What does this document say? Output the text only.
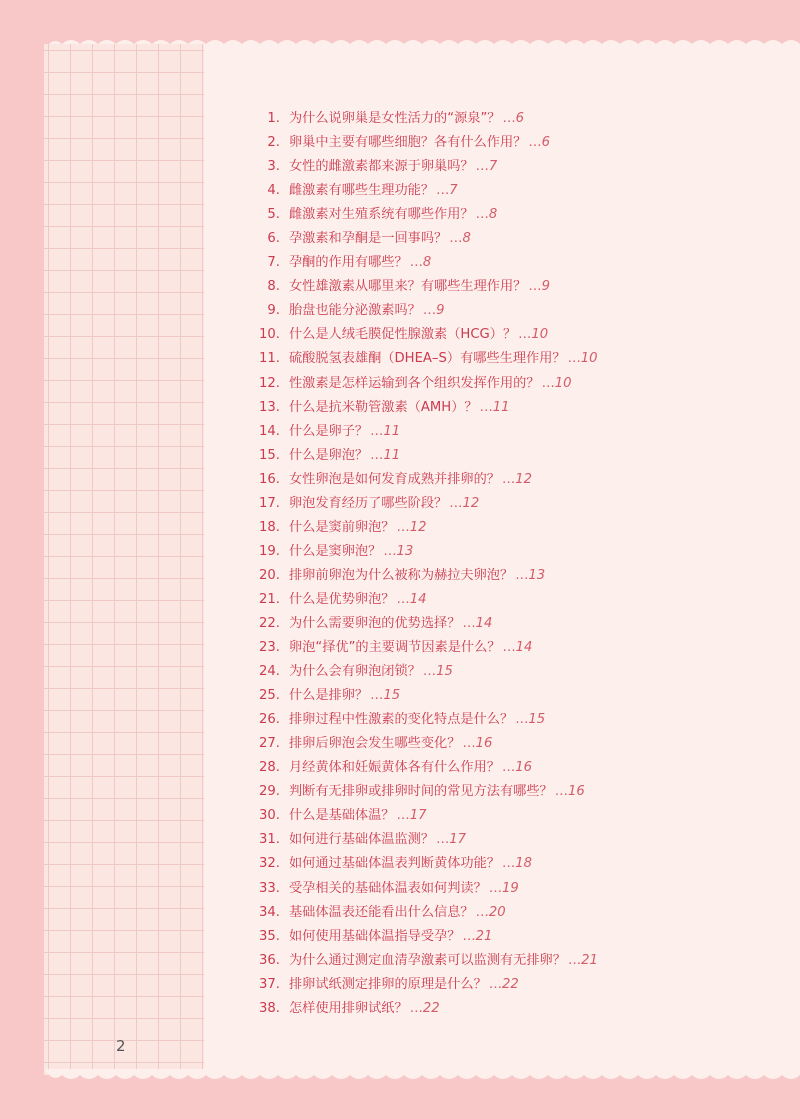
1. 为什么说卵巢是女性活力的“源泉”？ …6
2. 卵巢中主要有哪些细胞？各有什么作用？ …6
3. 女性的雌激素都来源于卵巢吗？ …7
4. 雌激素有哪些生理功能？ …7
5. 雌激素对生殖系统有哪些作用？ …8
6. 孕激素和孕酮是一回事吗？ …8
7. 孕酮的作用有哪些？ …8
8. 女性雄激素从哪里来？有哪些生理作用？ …9
9. 胎盘也能分泌激素吗？ …9
10. 什么是人绒毛膜促性腺激素（HCG）？ …10
11. 硫酸脱氢表雄酮（DHEA–S）有哪些生理作用？ …10
12. 性激素是怎样运输到各个组织发挥作用的？ …10
13. 什么是抗米勒管激素（AMH）？ …11
14. 什么是卵子？ …11
15. 什么是卵泡？ …11
16. 女性卵泡是如何发育成熟并排卵的？ …12
17. 卵泡发育经历了哪些阶段？ …12
18. 什么是窦前卵泡？ …12
19. 什么是窦卵泡？ …13
20. 排卵前卵泡为什么被称为赫拉夫卵泡？ …13
21. 什么是优势卵泡？ …14
22. 为什么需要卵泡的优势选择？ …14
23. 卵泡“择优”的主要调节因素是什么？ …14
24. 为什么会有卵泡闭锁？ …15
25. 什么是排卵？ …15
26. 排卵过程中性激素的变化特点是什么？ …15
27. 排卵后卵泡会发生哪些变化？ …16
28. 月经黄体和妊娠黄体各有什么作用？ …16
29. 判断有无排卵或排卵时间的常见方法有哪些？ …16
30. 什么是基础体温？ …17
31. 如何进行基础体温监测？ …17
32. 如何通过基础体温表判断黄体功能？ …18
33. 受孕相关的基础体温表如何判读？ …19
34. 基础体温表还能看出什么信息？ …20
35. 如何使用基础体温指导受孕？ …21
36. 为什么通过测定血清孕激素可以监测有无排卵？ …21
37. 排卵试纸测定排卵的原理是什么？ …22
38. 怎样使用排卵试纸？ …22
2
